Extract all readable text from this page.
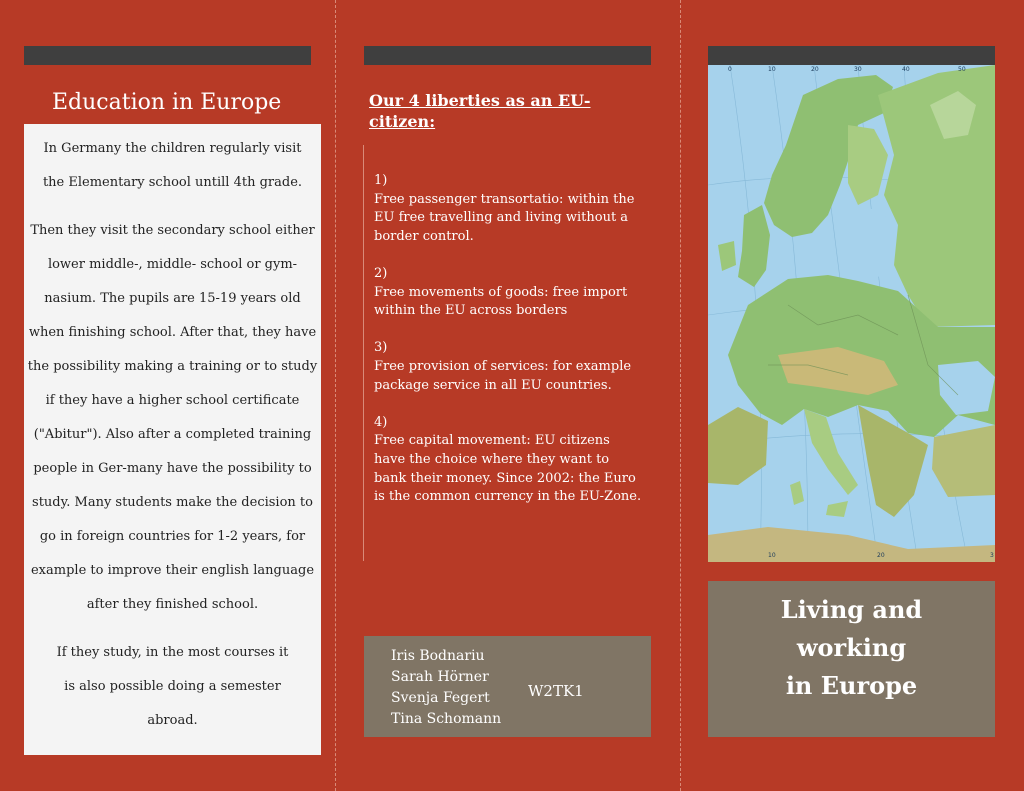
Education in Europe

In Germany the children regularly visit the Elementary school untill 4th grade.

Then they visit the secondary school either lower middle-, middle- school or gym-nasium. The pupils are 15-19 years old when finishing school. After that, they have the possibility making a training or to study if they have a higher school certificate ("Abitur"). Also after a completed training people in Ger-many have the possibility to study. Many students make the decision to go in foreign countries for 1-2 years, for example to improve their english language after they finished school.

If they study, in the most courses it is also possible doing a semester abroad.

Our 4 liberties as an EU-citizen:
1)
Free passenger transortatio: within the EU free travelling and living without a border control.
2)
Free movements of goods: free import within the EU across borders
3)
Free provision of services: for example package service in all EU countries.
4)
Free capital movement: EU citizens have the choice where they want to bank their money. Since 2002: the Euro is the common currency in the EU-Zone.
Iris Bodnariu
Sarah Hörner
Svenja Fegert
Tina Schomann
W2TK1
0	10	20	30	40	50
10	20	3
Living and
working
in Europe
